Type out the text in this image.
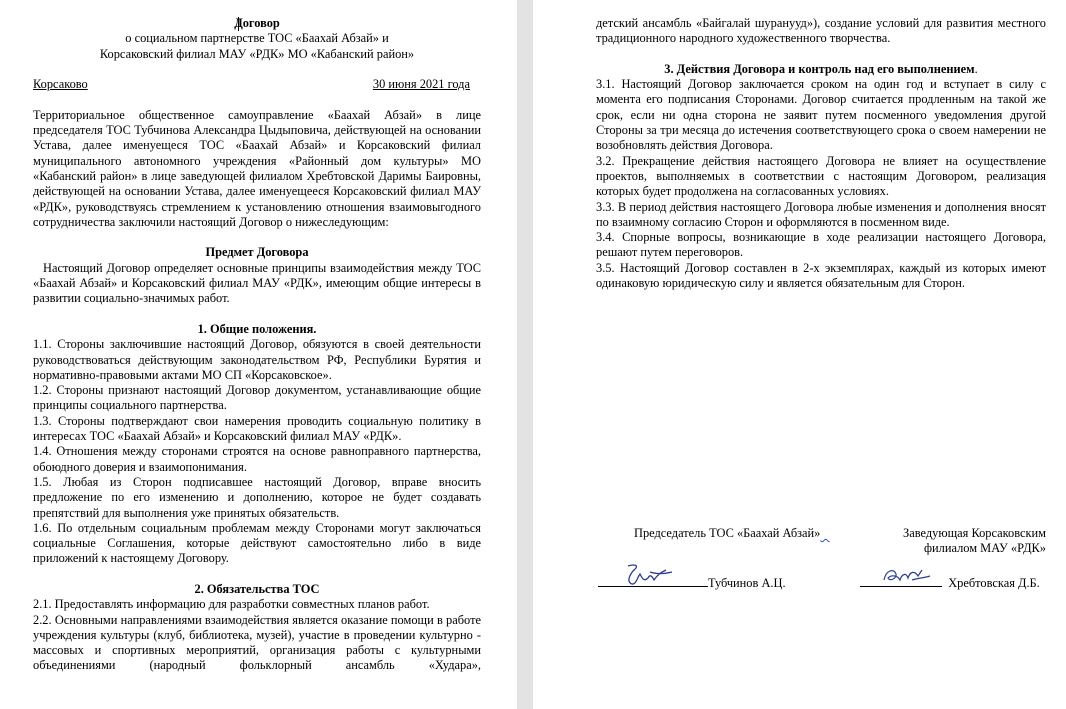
Договор

о социальном партнерстве ТОС «Баахай Абзай» и

Корсаковский филиал МАУ «РДК» МО «Кабанский район»

Корсаково	30 июня 2021 года

Территориальное общественное самоуправление «Баахай Абзай» в лице председателя ТОС Тубчинова Александра Цыдыповича, действующей на основании Устава, далее именуещеся ТОС «Баахай Абзай» и Корсаковский филиал муниципального автономного учреждения «Районный дом культуры» МО «Кабанский район» в лице заведующей филиалом Хребтовской Даримы Баировны, действующей на основании Устава, далее именуещееся Корсаковский филиал МАУ «РДК», руководствуясь стремлением к установлению отношения взаимовыгодного сотрудничества заключили настоящий Договор о нижеследующим:

Предмет Договора

Настоящий Договор определяет основные принципы взаимодействия между ТОС «Баахай Абзай» и Корсаковский филиал МАУ «РДК», имеющим общие интересы в развитии социально-значимых работ.

1. Общие положения.

1.1. Стороны заключившие настоящий Договор, обязуются в своей деятельности руководствоваться действующим законодательством РФ, Республики Бурятия и нормативно-правовыми актами МО СП «Корсаковское».

1.2. Стороны признают настоящий Договор документом, устанавливающие общие принципы социального партнерства.

1.3. Стороны подтверждают свои намерения проводить социальную политику в интересах ТОС «Баахай Абзай» и Корсаковский филиал МАУ «РДК».

1.4. Отношения между сторонами строятся на основе равноправного партнерства, обоюдного доверия и взаимопонимания.

1.5. Любая из Сторон подписавшее настоящий Договор, вправе вносить предложение по его изменению и дополнению, которое не будет создавать препятствий для выполнения уже принятых обязательств.

1.6. По отдельным социальным проблемам между Сторонами могут заключаться социальные Соглашения, которые действуют самостоятельно либо в виде приложений к настоящему Договору.

2. Обязательства ТОС

2.1. Предоставлять информацию для разработки совместных планов работ.

2.2. Основными направлениями взаимодействия является оказание помощи в работе учреждения культуры (клуб, библиотека, музей), участие в проведении культурно - массовых и спортивных мероприятий, организация работы с культурными объединениями (народный фольклорный ансамбль «Худара»,

детский ансамбль «Байгалай шуранууд»), создание условий для развития местного традиционного народного художественного творчества.

3. Действия Договора и контроль над его выполнением.

3.1. Настоящий Договор заключается сроком на один год и вступает в силу с момента его подписания Сторонами. Договор считается продленным на такой же срок, если ни одна сторона не заявит путем посменного уведомления другой Стороны за три месяца до истечения соответствующего срока о своем намерении не возобновлять действия Договора.

3.2. Прекращение действия настоящего Договора не влияет на осуществление проектов, выполняемых в соответствии с настоящим Договором, реализация которых будет продолжена на согласованных условиях.

3.3. В период действия настоящего Договора любые изменения и дополнения вносят по взаимному согласию Сторон и оформляются в посменном виде.

3.4. Спорные вопросы, возникающие в ходе реализации настоящего Договора, решают путем переговоров.

3.5. Настоящий Договор составлен в 2-х экземплярах, каждый из которых имеют одинаковую юридическую силу и является обязательным для Сторон.

Председатель ТОС «Баахай Абзай»	Заведующая Корсаковским
филиалом МАУ «РДК»
Тубчинов А.Ц.	Хребтовская Д.Б.
